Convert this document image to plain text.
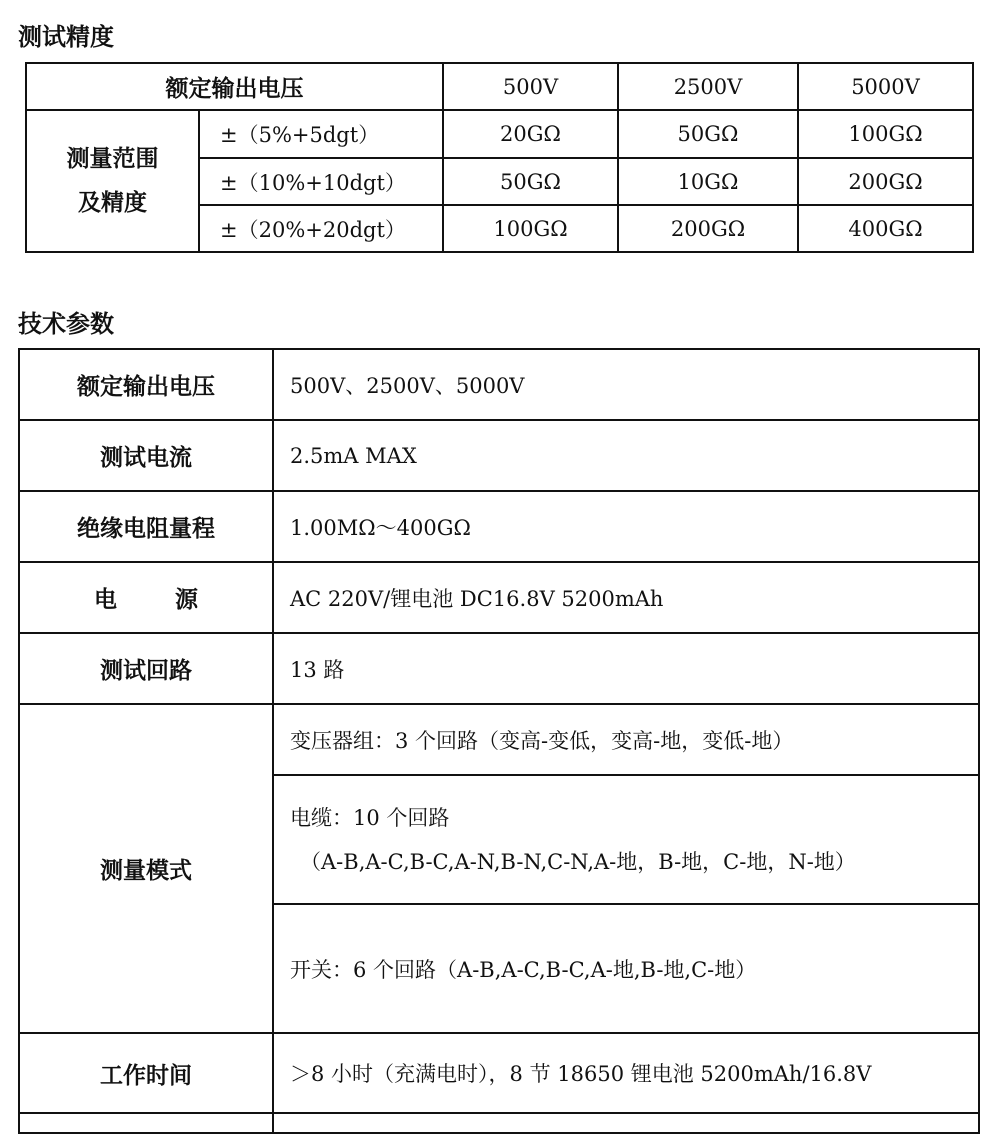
测试精度
额定输出电压		500V	2500V	5000V
测量范围
及精度	±（5%+5dgt）	20GΩ	50GΩ	100GΩ
	±（10%+10dgt）	50GΩ	10GΩ	200GΩ
	±（20%+20dgt）	100GΩ	200GΩ	400GΩ
技术参数
额定输出电压	500V、2500V、5000V
测试电流	2.5mA MAX
绝缘电阻量程	1.00MΩ～400GΩ
电 源	AC 220V/锂电池 DC16.8V 5200mAh
测试回路	13 路
测量模式	变压器组：3 个回路（变高-变低，变高-地，变低-地）
	电缆：10 个回路
（A-B,A-C,B-C,A-N,B-N,C-N,A-地，B-地，C-地，N-地）

	开关：6 个回路（A-B,A-C,B-C,A-地,B-地,C-地）
工作时间	＞8 小时（充满电时），8 节 18650 锂电池 5200mAh/16.8V
